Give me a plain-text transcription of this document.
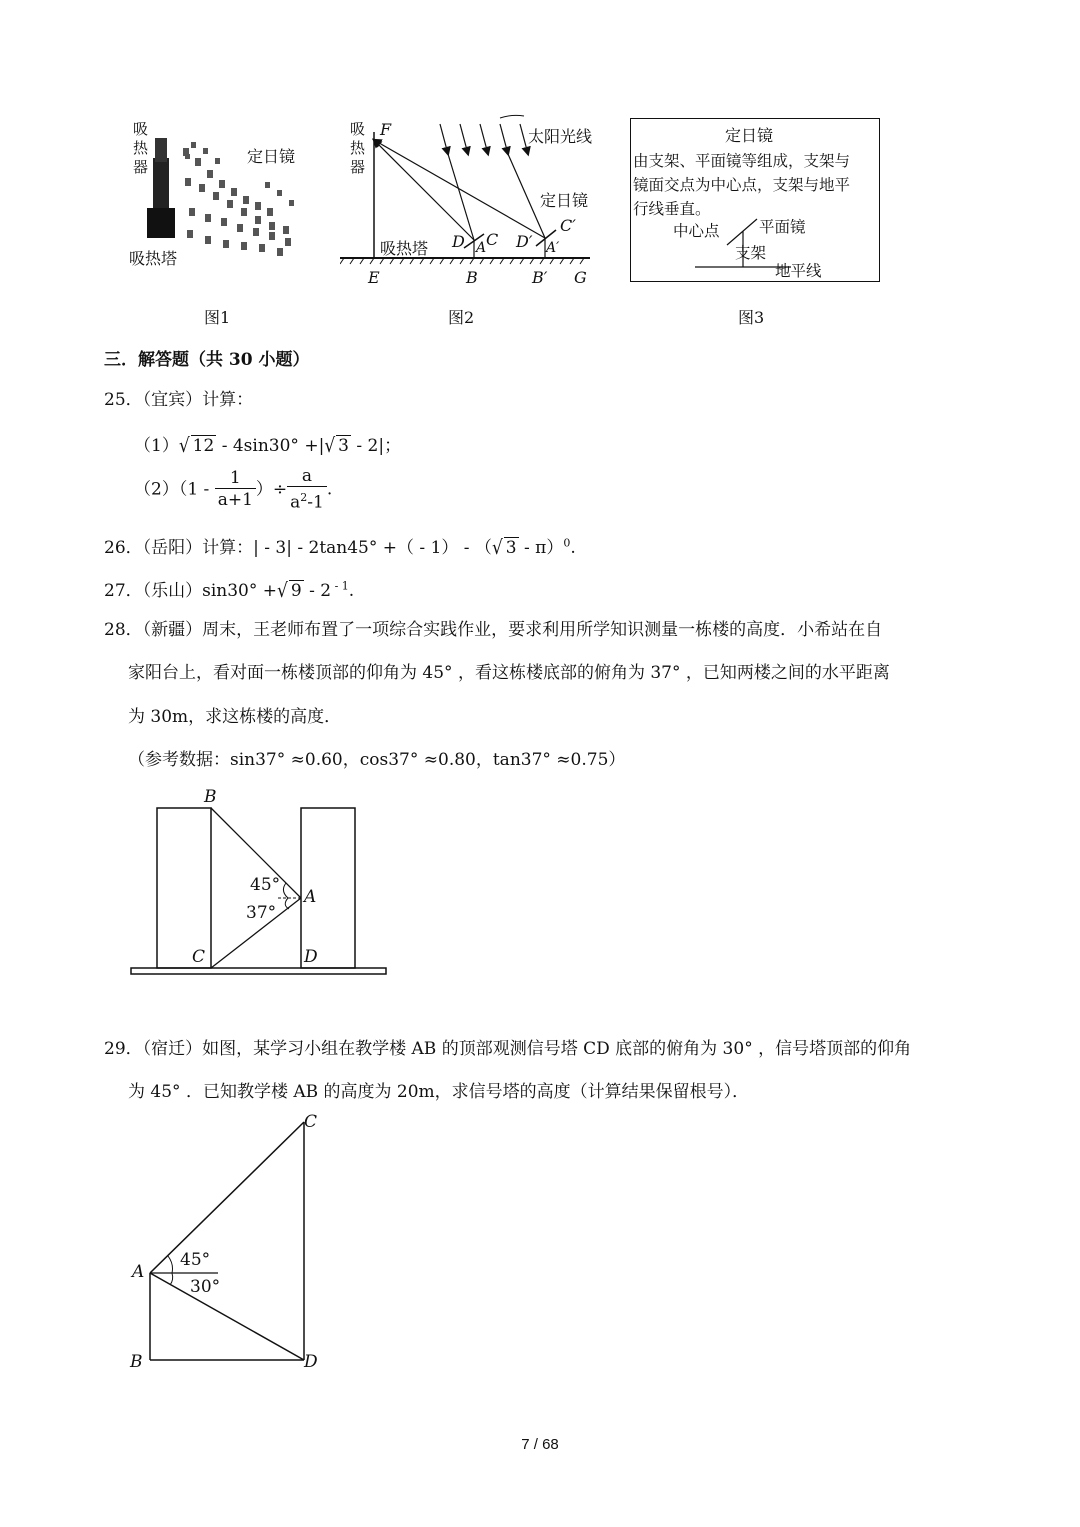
吸热器
定日镜
吸热塔
图1
吸热器
F	太阳光线
定日镜
吸热塔
E	B	B′ G
D A C D′ A′
C′
图2
定日镜
由支架、平面镜等组成，支架与
镜面交点为中心点，支架与地平
行线垂直。
中心点	平面镜
支架
地平线
图3
三．解答题（共 30 小题）
25．（宜宾）计算：
（1）√ 12 - 4sin30° +|√ 3 - 2|；
$(2)(1 - \frac{1}{a+1}$ ）÷ $\frac{a}{a^2-1}$ .
26．（岳阳）计算：| - 3| - 2tan45° +（ - 1） - （√ 3 - π）$^0$.
27．（乐山）sin30° +√ 9 - 2 $^{- 1}$.
28．（新疆）周末，王老师布置了一项综合实践作业，要求利用所学知识测量一栋楼的高度．小希站在自
家阳台上，看对面一栋楼顶部的仰角为 45° ，看这栋楼底部的俯角为 37° ，已知两楼之间的水平距离
为 30m，求这栋楼的高度．
（参考数据：sin37° ≈0.60，cos37° ≈0.80，tan37° ≈0.75）
B
A
C	D
45°
37°
29．（宿迁）如图，某学习小组在教学楼 AB 的顶部观测信号塔 CD 底部的俯角为 30° ，信号塔顶部的仰角
为 45° ．已知教学楼 AB 的高度为 20m，求信号塔的高度（计算结果保留根号）．
C
A
B	D
45°
30°
7 / 68
